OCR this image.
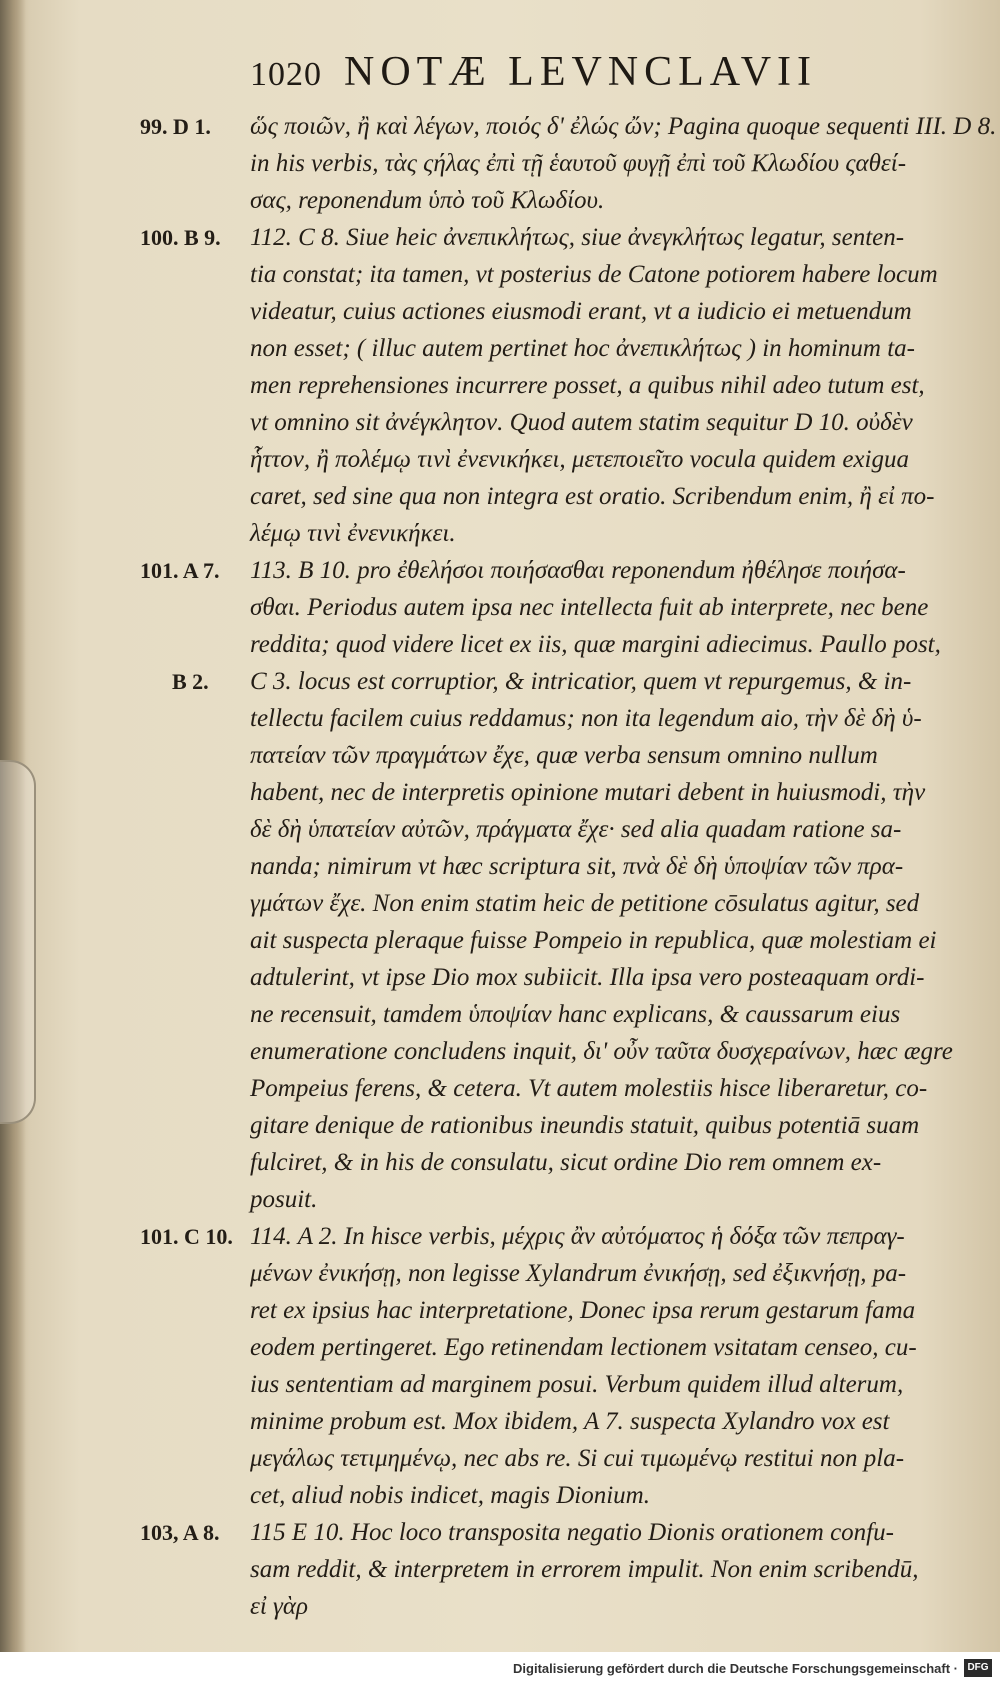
1020 NOTÆ LEVNCLAVII
99. D 1.	ὥς ποιῶν, ἢ καὶ λέγων, ποιός δ' ἐλώς ὤν; Pagina quoque sequenti III. D 8.
in his verbis, τὰς ςήλας ἐπὶ τῇ ἑαυτοῦ φυγῇ ἐπὶ τοῦ Κλωδίου ςαθεί-
σας, reponendum ὑπὸ τοῦ Κλωδίου.
100. B 9.	112. C 8. Siue heic ἀνεπικλήτως, siue ἀνεγκλήτως legatur, senten-
tia constat; ita tamen, vt posterius de Catone potiorem habere locum
videatur, cuius actiones eiusmodi erant, vt a iudicio ei metuendum
non esset; ( illuc autem pertinet hoc ἀνεπικλήτως ) in hominum ta-
men reprehensiones incurrere posset, a quibus nihil adeo tutum est,
vt omnino sit ἀνέγκλητον. Quod autem statim sequitur D 10. οὐδὲν
ἧττον, ἢ πολέμῳ τινὶ ἐνενικήκει, μετεποιεῖτο vocula quidem exigua
caret, sed sine qua non integra est oratio. Scribendum enim, ἢ εἰ πο-
λέμῳ τινὶ ἐνενικήκει.
101. A 7.	113. B 10. pro ἐθελήσοι ποιήσασθαι reponendum ἠθέλησε ποιήσα-
σθαι. Periodus autem ipsa nec intellecta fuit ab interprete, nec bene
reddita; quod videre licet ex iis, quæ margini adiecimus. Paullo post,
B 2.	C 3. locus est corruptior, & intricatior, quem vt repurgemus, & in-
tellectu facilem cuius reddamus; non ita legendum aio, τὴν δὲ δὴ ὑ-
πατείαν τῶν πραγμάτων ἔχε, quæ verba sensum omnino nullum
habent, nec de interpretis opinione mutari debent in huiusmodi, τὴν
δὲ δὴ ὑπατείαν αὐτῶν, πράγματα ἔχε· sed alia quadam ratione sa-
nanda; nimirum vt hæc scriptura sit, πνὰ δὲ δὴ ὑποψίαν τῶν πρα-
γμάτων ἔχε. Non enim statim heic de petitione cōsulatus agitur, sed
ait suspecta pleraque fuisse Pompeio in republica, quæ molestiam ei
adtulerint, vt ipse Dio mox subiicit. Illa ipsa vero posteaquam ordi-
ne recensuit, tamdem ὑποψίαν hanc explicans, & caussarum eius
enumeratione concludens inquit, δι' οὖν ταῦτα δυσχεραίνων, hæc ægre
Pompeius ferens, & cetera. Vt autem molestiis hisce liberaretur, co-
gitare denique de rationibus ineundis statuit, quibus potentiā suam
fulciret, & in his de consulatu, sicut ordine Dio rem omnem ex-
posuit.
101. C 10. 114. A 2. In hisce verbis, μέχρις ἂν αὐτόματος ἡ δόξα τῶν πεπραγ-
μένων ἐνικήσῃ, non legisse Xylandrum ἐνικήσῃ, sed ἐξικνήσῃ, pa-
ret ex ipsius hac interpretatione, Donec ipsa rerum gestarum fama
eodem pertingeret. Ego retinendam lectionem vsitatam censeo, cu-
ius sententiam ad marginem posui. Verbum quidem illud alterum,
minime probum est. Mox ibidem, A 7. suspecta Xylandro vox est
μεγάλως τετιμημένῳ, nec abs re. Si cui τιμωμένῳ restitui non pla-
cet, aliud nobis indicet, magis Dionium.
103, A 8.	115 E 10. Hoc loco transposita negatio Dionis orationem confu-
sam reddit, & interpretem in errorem impulit. Non enim scribendū,
εἰ γὰρ
Digitalisierung gefördert durch die Deutsche Forschungsgemeinschaft · DFG
